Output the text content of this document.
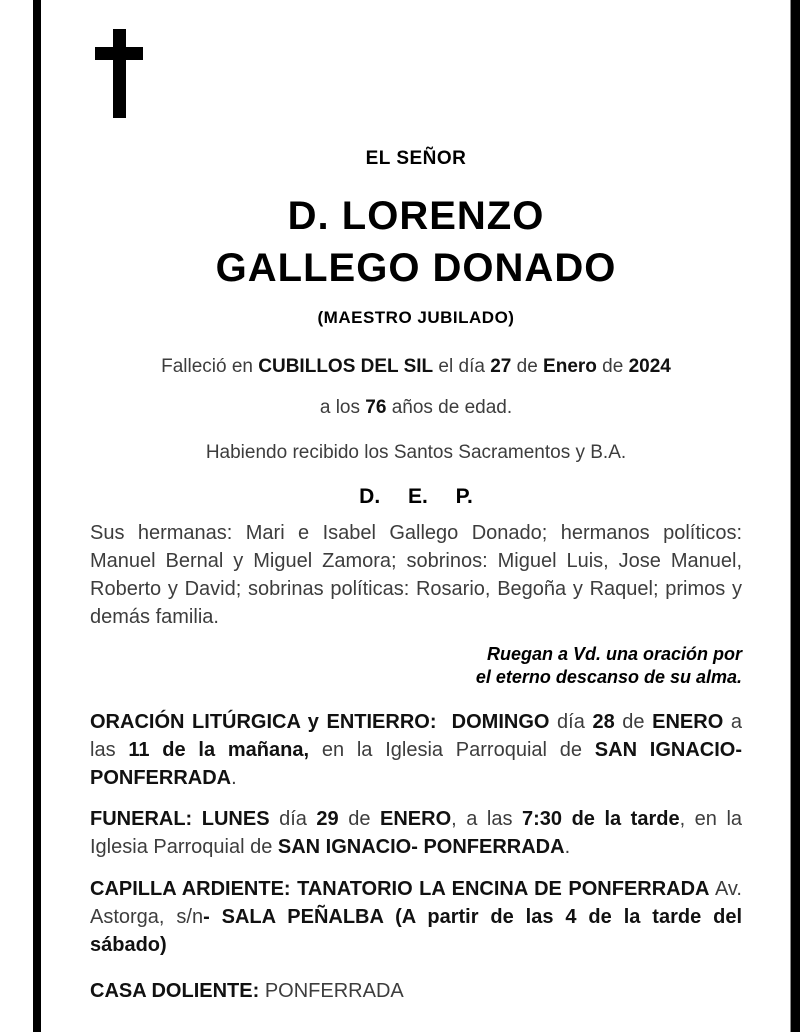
EL SEÑOR
D. LORENZO
GALLEGO DONADO
(MAESTRO JUBILADO)
Falleció en CUBILLOS DEL SIL el día 27 de Enero de 2024
a los 76 años de edad.
Habiendo recibido los Santos Sacramentos y B.A.
D. E. P.

Sus hermanas: Mari e Isabel Gallego Donado; hermanos políticos: Manuel Bernal y Miguel Zamora; sobrinos: Miguel Luis, Jose Manuel, Roberto y David; sobrinas políticas: Rosario, Begoña y Raquel; primos y demás familia.

Ruegan a Vd. una oración por
el eterno descanso de su alma.

ORACIÓN LITÚRGICA y ENTIERRO:  DOMINGO día 28 de ENERO a las 11 de la mañana, en la Iglesia Parroquial de SAN IGNACIO- PONFERRADA.

FUNERAL: LUNES día 29 de ENERO, a las 7:30 de la tarde, en la Iglesia Parroquial de SAN IGNACIO- PONFERRADA.

CAPILLA ARDIENTE: TANATORIO LA ENCINA DE PONFERRADA Av. Astorga, s/n- SALA PEÑALBA (A partir de las 4 de la tarde del sábado)

CASA DOLIENTE: PONFERRADA
